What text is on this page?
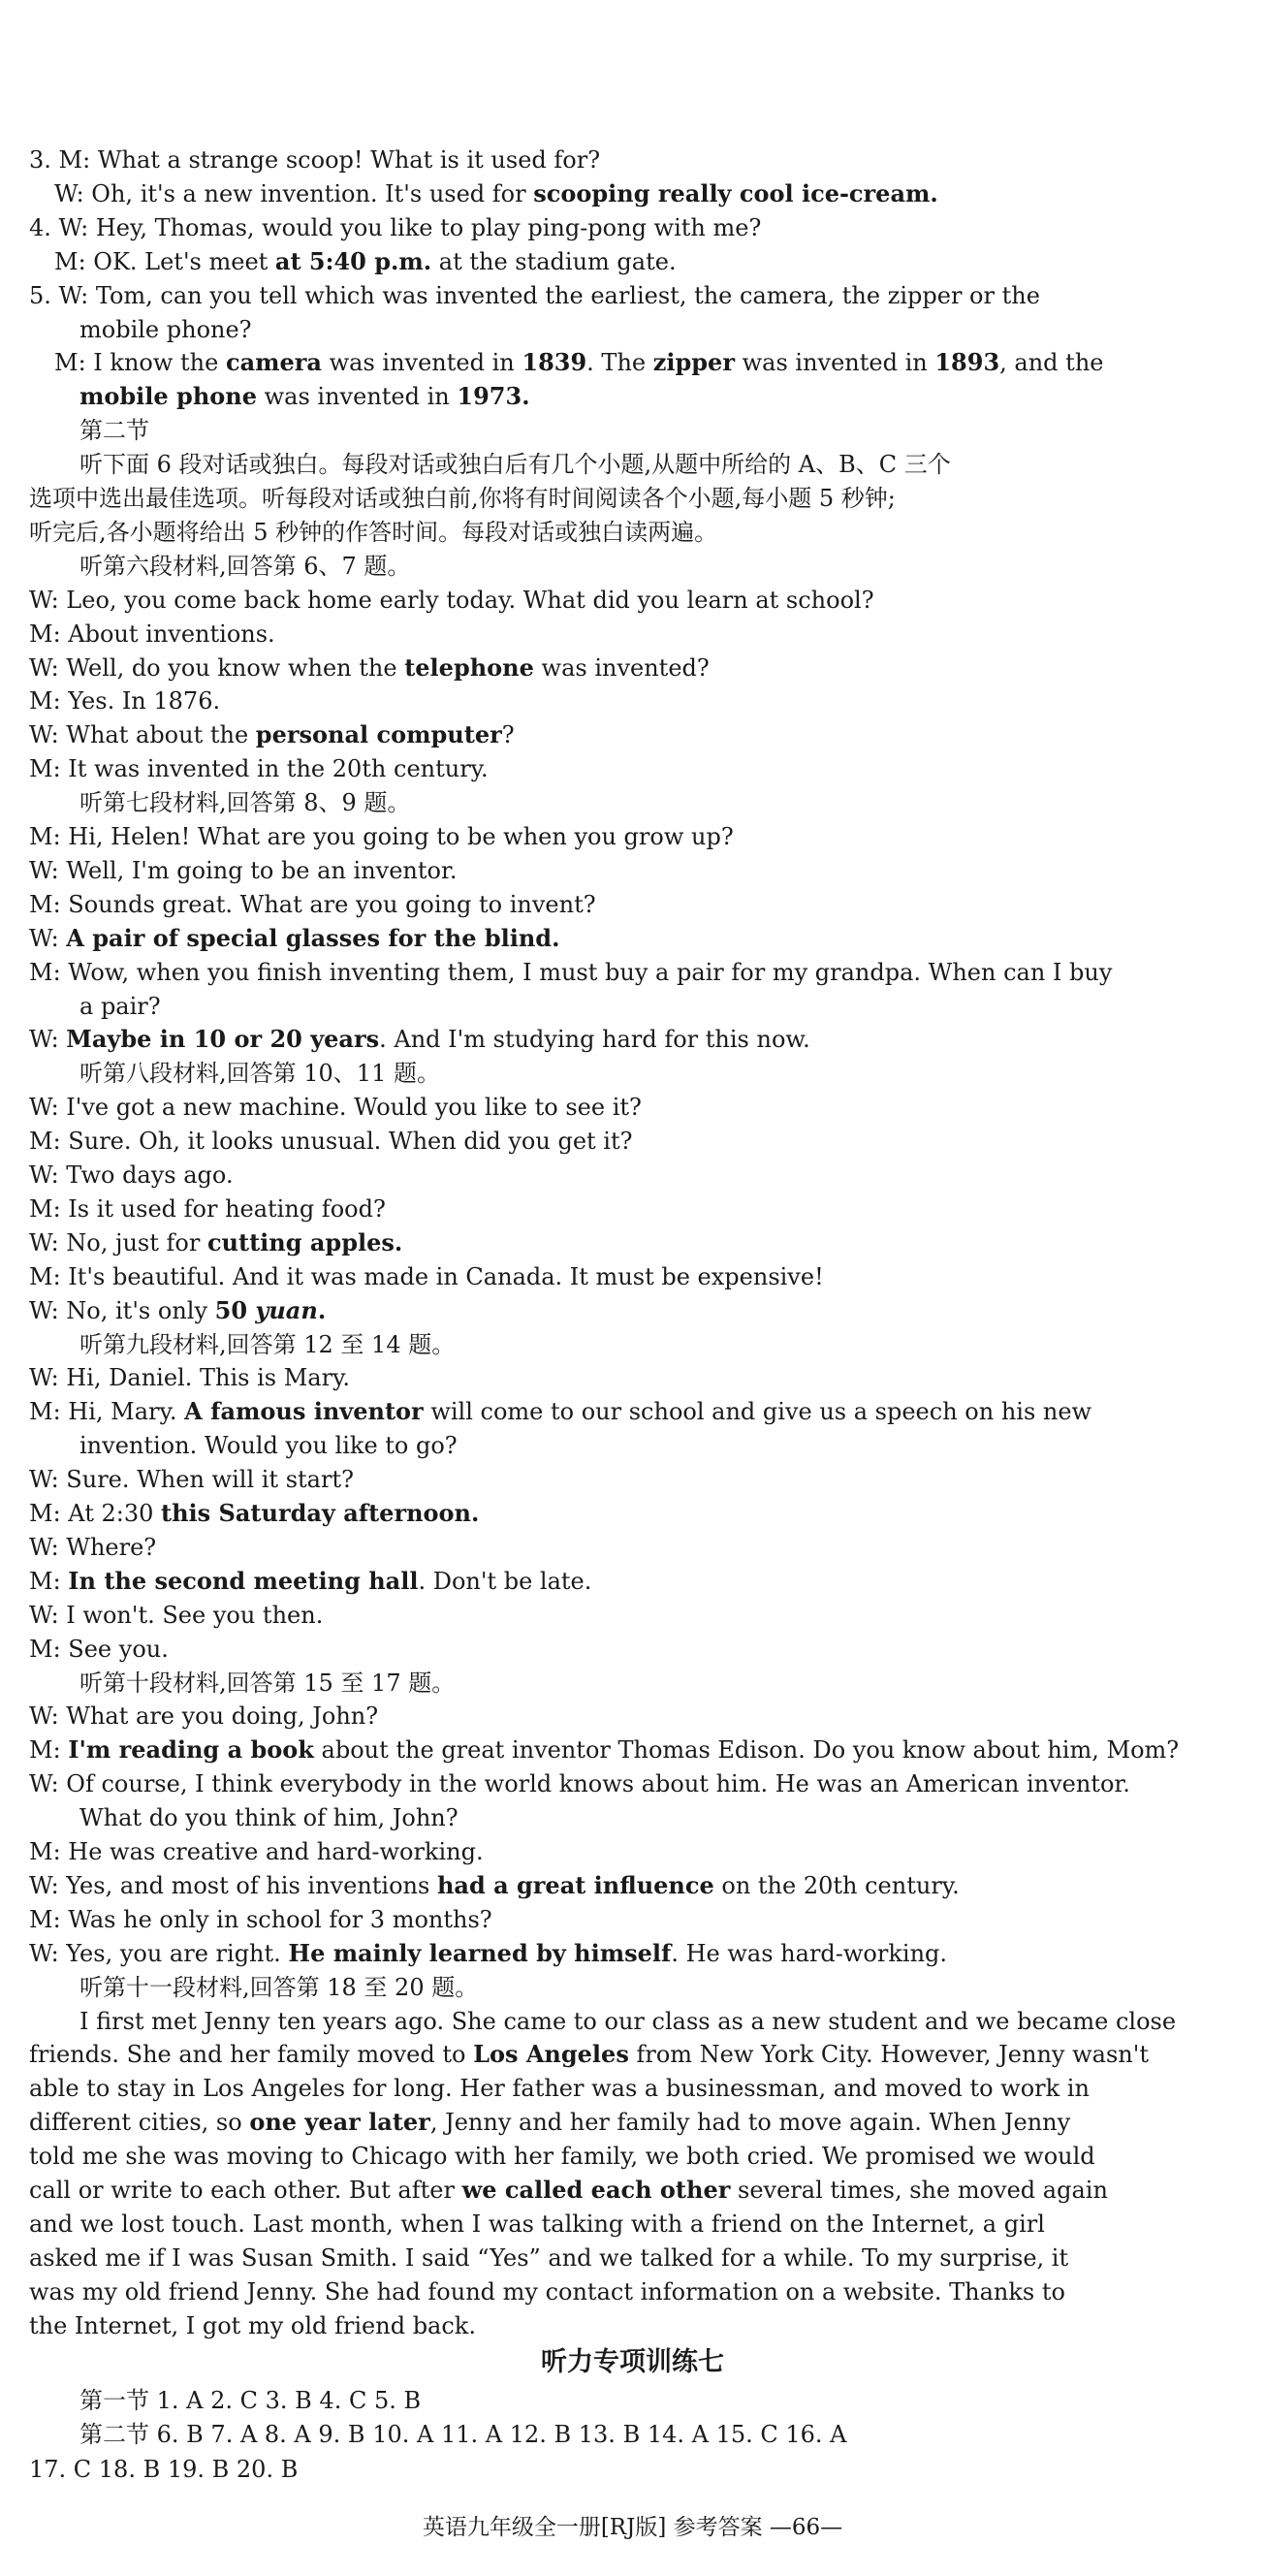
3. M: What a strange scoop! What is it used for?
W: Oh, it's a new invention. It's used for scooping really cool ice-cream.
4. W: Hey, Thomas, would you like to play ping-pong with me?
M: OK. Let's meet at 5:40 p.m. at the stadium gate.
5. W: Tom, can you tell which was invented the earliest, the camera, the zipper or the
mobile phone?
M: I know the camera was invented in 1839. The zipper was invented in 1893, and the
mobile phone was invented in 1973.
第二节
听下面 6 段对话或独白。每段对话或独白后有几个小题,从题中所给的 A、B、C 三个
选项中选出最佳选项。听每段对话或独白前,你将有时间阅读各个小题,每小题 5 秒钟;
听完后,各小题将给出 5 秒钟的作答时间。每段对话或独白读两遍。
听第六段材料,回答第 6、7 题。
W: Leo, you come back home early today. What did you learn at school?
M: About inventions.
W: Well, do you know when the telephone was invented?
M: Yes. In 1876.
W: What about the personal computer?
M: It was invented in the 20th century.
听第七段材料,回答第 8、9 题。
M: Hi, Helen! What are you going to be when you grow up?
W: Well, I'm going to be an inventor.
M: Sounds great. What are you going to invent?
W: A pair of special glasses for the blind.
M: Wow, when you finish inventing them, I must buy a pair for my grandpa. When can I buy
a pair?
W: Maybe in 10 or 20 years. And I'm studying hard for this now.
听第八段材料,回答第 10、11 题。
W: I've got a new machine. Would you like to see it?
M: Sure. Oh, it looks unusual. When did you get it?
W: Two days ago.
M: Is it used for heating food?
W: No, just for cutting apples.
M: It's beautiful. And it was made in Canada. It must be expensive!
W: No, it's only 50 yuan.
听第九段材料,回答第 12 至 14 题。
W: Hi, Daniel. This is Mary.
M: Hi, Mary. A famous inventor will come to our school and give us a speech on his new
invention. Would you like to go?
W: Sure. When will it start?
M: At 2:30 this Saturday afternoon.
W: Where?
M: In the second meeting hall. Don't be late.
W: I won't. See you then.
M: See you.
听第十段材料,回答第 15 至 17 题。
W: What are you doing, John?
M: I'm reading a book about the great inventor Thomas Edison. Do you know about him, Mom?
W: Of course, I think everybody in the world knows about him. He was an American inventor.
What do you think of him, John?
M: He was creative and hard-working.
W: Yes, and most of his inventions had a great influence on the 20th century.
M: Was he only in school for 3 months?
W: Yes, you are right. He mainly learned by himself. He was hard-working.
听第十一段材料,回答第 18 至 20 题。
I first met Jenny ten years ago. She came to our class as a new student and we became close
friends. She and her family moved to Los Angeles from New York City. However, Jenny wasn't
able to stay in Los Angeles for long. Her father was a businessman, and moved to work in
different cities, so one year later, Jenny and her family had to move again. When Jenny
told me she was moving to Chicago with her family, we both cried. We promised we would
call or write to each other. But after we called each other several times, she moved again
and we lost touch. Last month, when I was talking with a friend on the Internet, a girl
asked me if I was Susan Smith. I said “Yes” and we talked for a while. To my surprise, it
was my old friend Jenny. She had found my contact information on a website. Thanks to
the Internet, I got my old friend back.
听力专项训练七
第一节 1. A 2. C 3. B 4. C 5. B
第二节 6. B 7. A 8. A 9. B 10. A 11. A 12. B 13. B 14. A 15. C 16. A
17. C 18. B 19. B 20. B
英语九年级全一册[RJ版] 参考答案 —66—
